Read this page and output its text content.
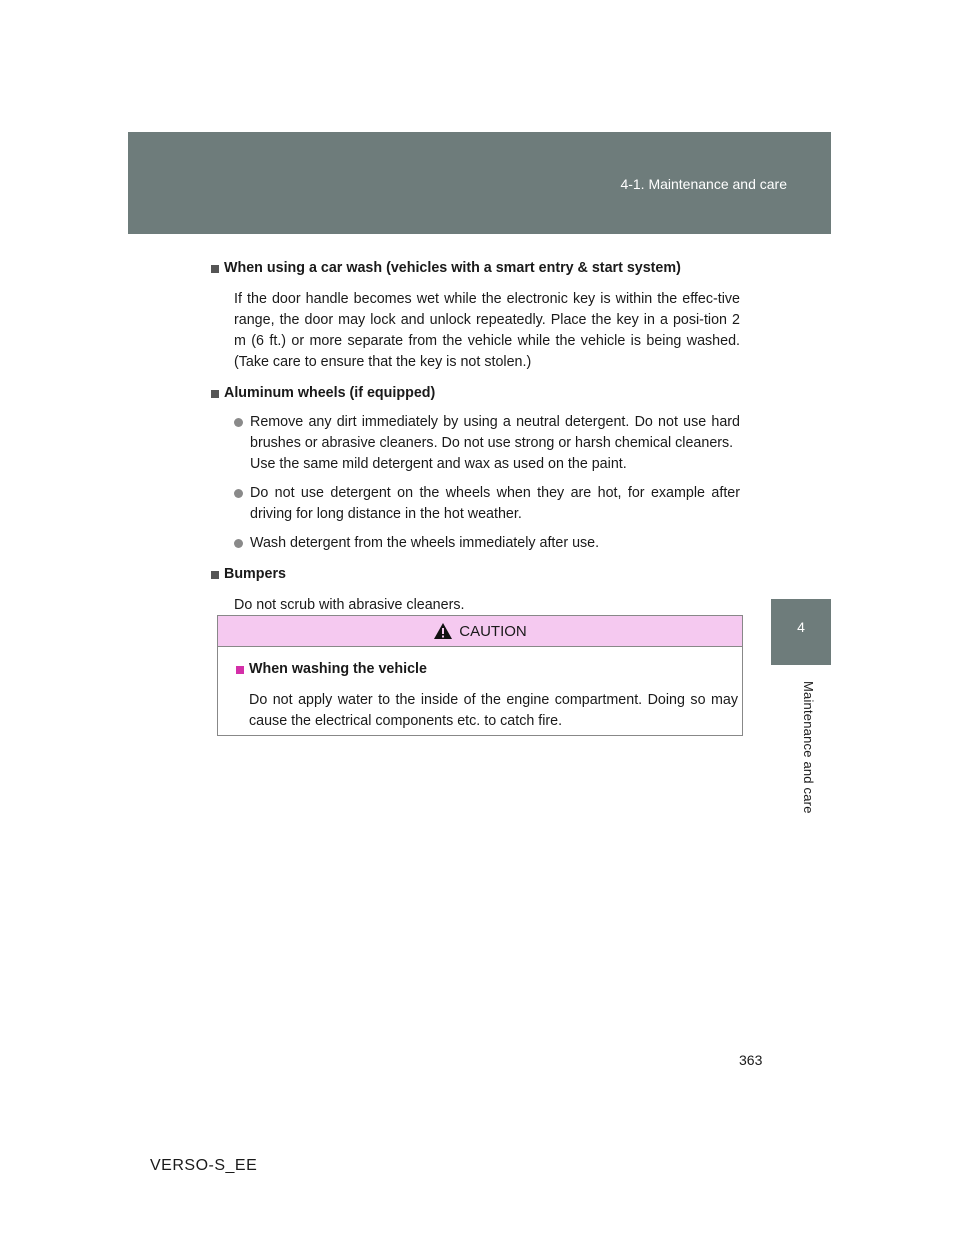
4-1. Maintenance and care
4
Maintenance and care
When using a car wash (vehicles with a smart entry & start system)
If the door handle becomes wet while the electronic key is within the effec-tive range, the door may lock and unlock repeatedly. Place the key in a posi-tion 2 m (6 ft.) or more separate from the vehicle while the vehicle is being washed. (Take care to ensure that the key is not stolen.)
Aluminum wheels (if equipped)
Remove any dirt immediately by using a neutral detergent. Do not use hard brushes or abrasive cleaners. Do not use strong or harsh chemical cleaners.
Use the same mild detergent and wax as used on the paint.
Do not use detergent on the wheels when they are hot, for example after driving for long distance in the hot weather.
Wash detergent from the wheels immediately after use.
Bumpers
Do not scrub with abrasive cleaners.
CAUTION
When washing the vehicle
Do not apply water to the inside of the engine compartment. Doing so may cause the electrical components etc. to catch fire.
363
VERSO-S_EE
